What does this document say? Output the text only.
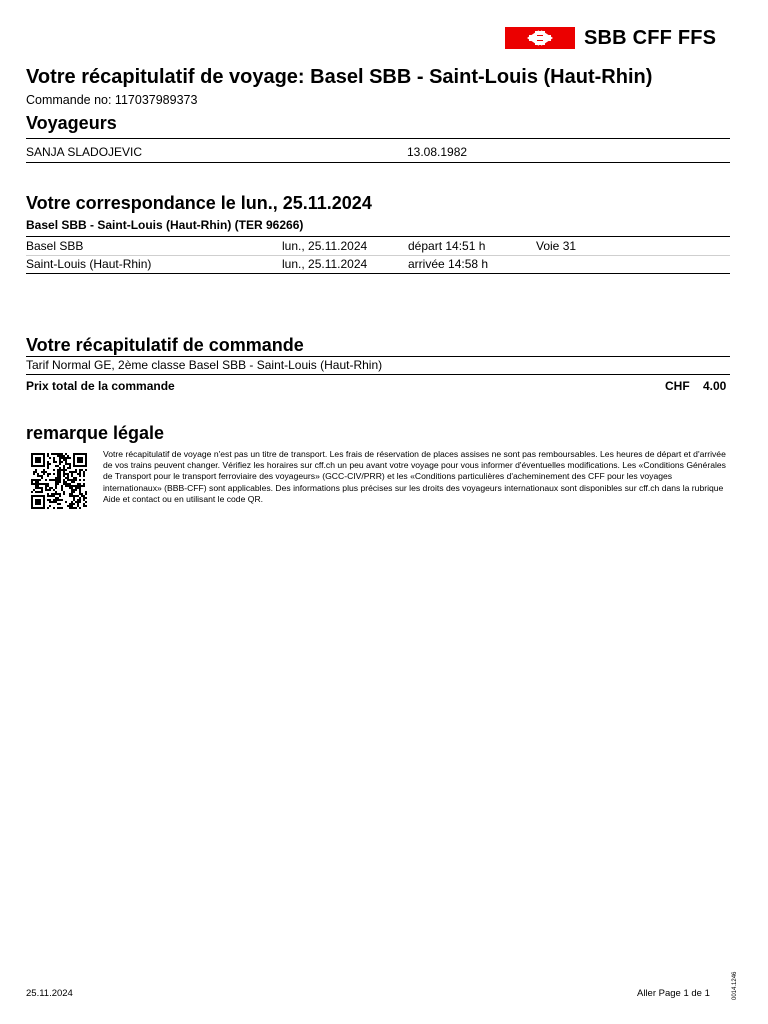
SBB CFF FFS
Votre récapitulatif de voyage: Basel SBB - Saint-Louis (Haut-Rhin)
Commande no: 117037989373
Voyageurs
SANJA SLADOJEVIC	13.08.1982
Votre correspondance le lun., 25.11.2024
Basel SBB - Saint-Louis (Haut-Rhin) (TER 96266)
Basel SBB	lun., 25.11.2024	départ 14:51 h	Voie 31
Saint-Louis (Haut-Rhin)	lun., 25.11.2024	arrivée 14:58 h
Votre récapitulatif de commande
Tarif Normal GE, 2ème classe Basel SBB - Saint-Louis (Haut-Rhin)
Prix total de la commande	CHF 4.00
remarque légale
Votre récapitulatif de voyage n'est pas un titre de transport. Les frais de réservation de places assises ne sont pas remboursables. Les heures de départ et d'arrivée de vos trains peuvent changer. Vérifiez les horaires sur cff.ch un peu avant votre voyage pour vous informer d'éventuelles modifications. Les «Conditions Générales de Transport pour le transport ferroviaire des voyageurs» (GCC-CIV/PRR) et les «Conditions particulières d'acheminement des CFF pour les voyages internationaux» (BBB-CFF) sont applicables. Des informations plus précises sur les droits des voyageurs internationaux sont disponibles sur cff.ch dans la rubrique Aide et contact ou en utilisant le code QR.
25.11.2024	Aller Page 1 de 1	0014.1246
